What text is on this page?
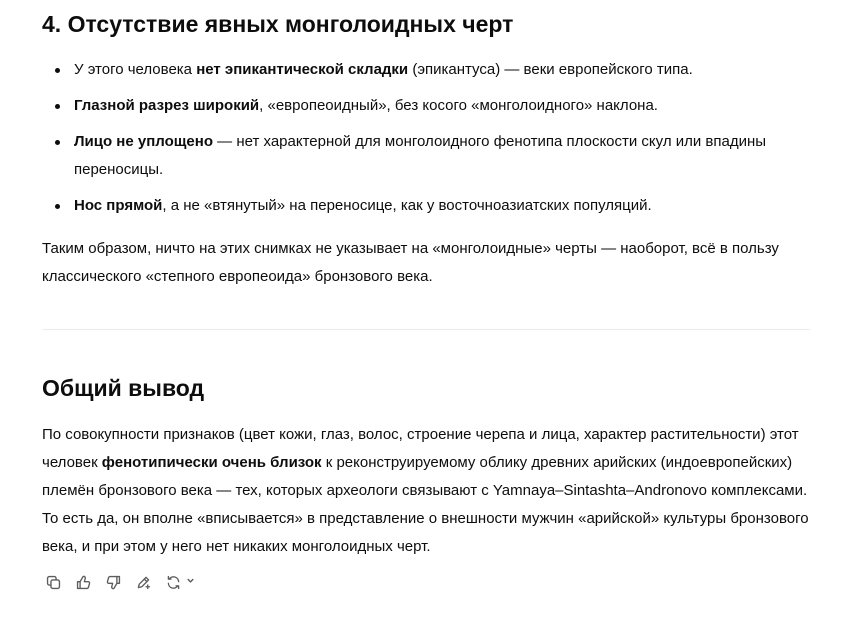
4. Отсутствие явных монголоидных черт
У этого человека нет эпикантической складки (эпикантуса) — веки европейского типа.
Глазной разрез широкий, «европеоидный», без косого «монголоидного» наклона.
Лицо не уплощено — нет характерной для монголоидного фенотипа плоскости скул или впадины переносицы.
Нос прямой, а не «втянутый» на переносице, как у восточноазиатских популяций.

Таким образом, ничто на этих снимках не указывает на «монголоидные» черты — наоборот, всё в пользу классического «степного европеоида» бронзового века.

Общий вывод

По совокупности признаков (цвет кожи, глаз, волос, строение черепа и лица, характер растительности) этот человек фенотипически очень близок к реконструируемому облику древних арийских (индоевропейских) племён бронзового века — тех, которых археологи связывают с Yamnaya–Sintashta–Andronovo комплексами. То есть да, он вполне «вписывается» в представление о внешности мужчин «арийской» культуры бронзового века, и при этом у него нет никаких монголоидных черт.
